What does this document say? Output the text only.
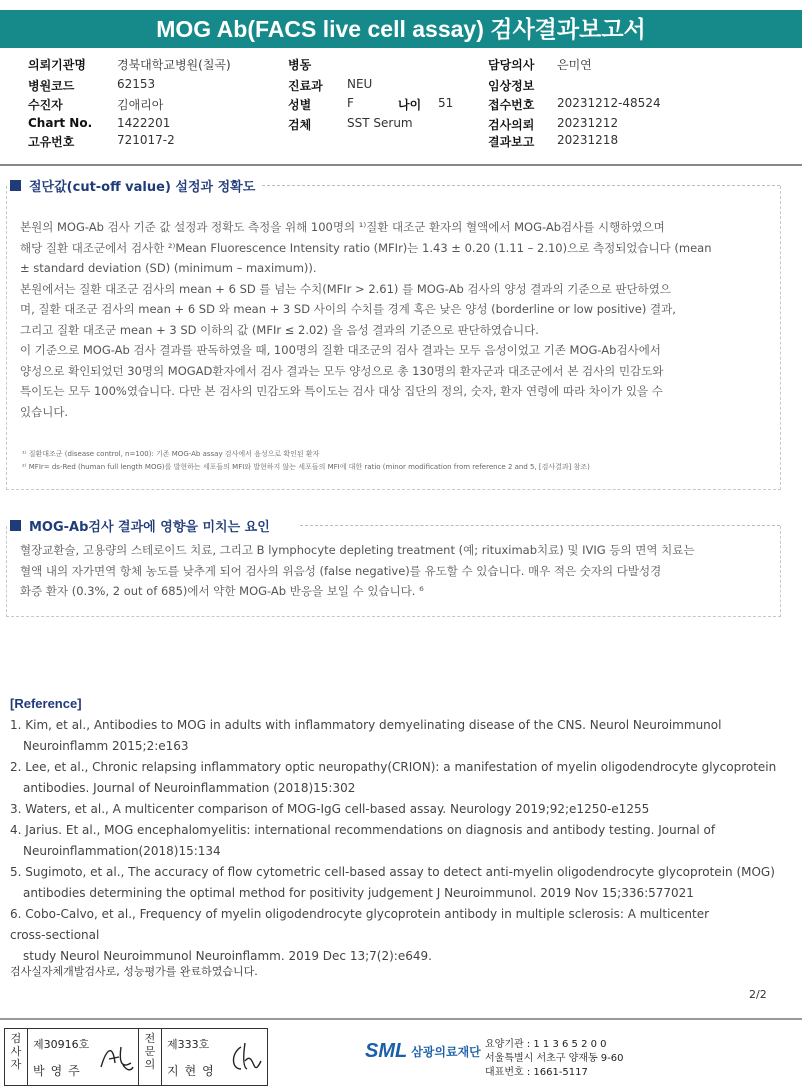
MOG Ab(FACS live cell assay) 검사결과보고서
의뢰기관명	경북대학교병원(칠곡)
병원코드	62153
수진자	김애리아
Chart No. 1422201
고유번호	721017-2
병동
진료과 NEU
성별	F	나이 51
검체	SST Serum
담당의사 은미연
임상정보
접수번호 20231212-48524
검사의뢰 20231212
결과보고 20231218
절단값(cut-off value) 설정과 정확도
본원의 MOG-Ab 검사 기준 값 설정과 정확도 측정을 위해 100명의 ¹⁾질환 대조군 환자의 혈액에서 MOG-Ab검사를 시행하였으며
해당 질환 대조군에서 검사한 ²⁾Mean Fluorescence Intensity ratio (MFIr)는 1.43 ± 0.20 (1.11 – 2.10)으로 측정되었습니다 (mean
± standard deviation (SD) (minimum – maximum)).
본원에서는 질환 대조군 검사의 mean + 6 SD 를 넘는 수치(MFIr > 2.61) 를 MOG-Ab 검사의 양성 결과의 기준으로 판단하였으
며, 질환 대조군 검사의 mean + 6 SD 와 mean + 3 SD 사이의 수치를 경계 혹은 낮은 양성 (borderline or low positive) 결과,
그리고 질환 대조군 mean + 3 SD 이하의 값 (MFIr ≤ 2.02) 을 음성 결과의 기준으로 판단하였습니다.
이 기준으로 MOG-Ab 검사 결과를 판독하였을 때, 100명의 질환 대조군의 검사 결과는 모두 음성이었고 기존 MOG-Ab검사에서
양성으로 확인되었던 30명의 MOGAD환자에서 검사 결과는 모두 양성으로 총 130명의 환자군과 대조군에서 본 검사의 민감도와
특이도는 모두 100%였습니다. 다만 본 검사의 민감도와 특이도는 검사 대상 집단의 정의, 숫자, 환자 연령에 따라 차이가 있을 수
있습니다.
¹⁾ 질환대조군 (disease control, n=100): 기존 MOG-Ab assay 검사에서 음성으로 확인된 환자
²⁾ MFIr= ds-Red (human full length MOG)를 발현하는 세포들의 MFI와 발현하지 않는 세포들의 MFI에 대한 ratio (minor modification from reference 2 and 5, [검사결과] 참조)
MOG-Ab검사 결과에 영향을 미치는 요인
혈장교환술, 고용량의 스테로이드 치료, 그리고 B lymphocyte depleting treatment (예; rituximab치료) 및 IVIG 등의 면역 치료는
혈액 내의 자가면역 항체 농도를 낮추게 되어 검사의 위음성 (false negative)를 유도할 수 있습니다. 매우 적은 숫자의 다발성경
화증 환자 (0.3%, 2 out of 685)에서 약한 MOG-Ab 반응을 보일 수 있습니다. ⁶
[Reference]
1. Kim, et al., Antibodies to MOG in adults with inflammatory demyelinating disease of the CNS. Neurol Neuroimmunol
Neuroinflamm 2015;2:e163
2. Lee, et al., Chronic relapsing inflammatory optic neuropathy(CRION): a manifestation of myelin oligodendrocyte glycoprotein
antibodies. Journal of Neuroinflammation (2018)15:302
3. Waters, et al., A multicenter comparison of MOG-IgG cell-based assay. Neurology 2019;92;e1250-e1255
4. Jarius. Et al., MOG encephalomyelitis: international recommendations on diagnosis and antibody testing. Journal of
Neuroinflammation(2018)15:134
5. Sugimoto, et al., The accuracy of flow cytometric cell-based assay to detect anti-myelin oligodendrocyte glycoprotein (MOG)
antibodies determining the optimal method for positivity judgement J Neuroimmunol. 2019 Nov 15;336:577021
6. Cobo-Calvo, et al., Frequency of myelin oligodendrocyte glycoprotein antibody in multiple sclerosis: A multicenter
cross-sectional
study Neurol Neuroimmunol Neuroinflamm. 2019 Dec 13;7(2):e649.
검사실자체개발검사로, 성능평가를 완료하였습니다.
2/2
검사자
제30916호
박영주
전문의
제333호
지현영
SML 삼광의료재단
요양기관 : 1 1 3 6 5 2 0 0
서울특별시 서초구 양재동 9-60
대표번호 : 1661-5117
